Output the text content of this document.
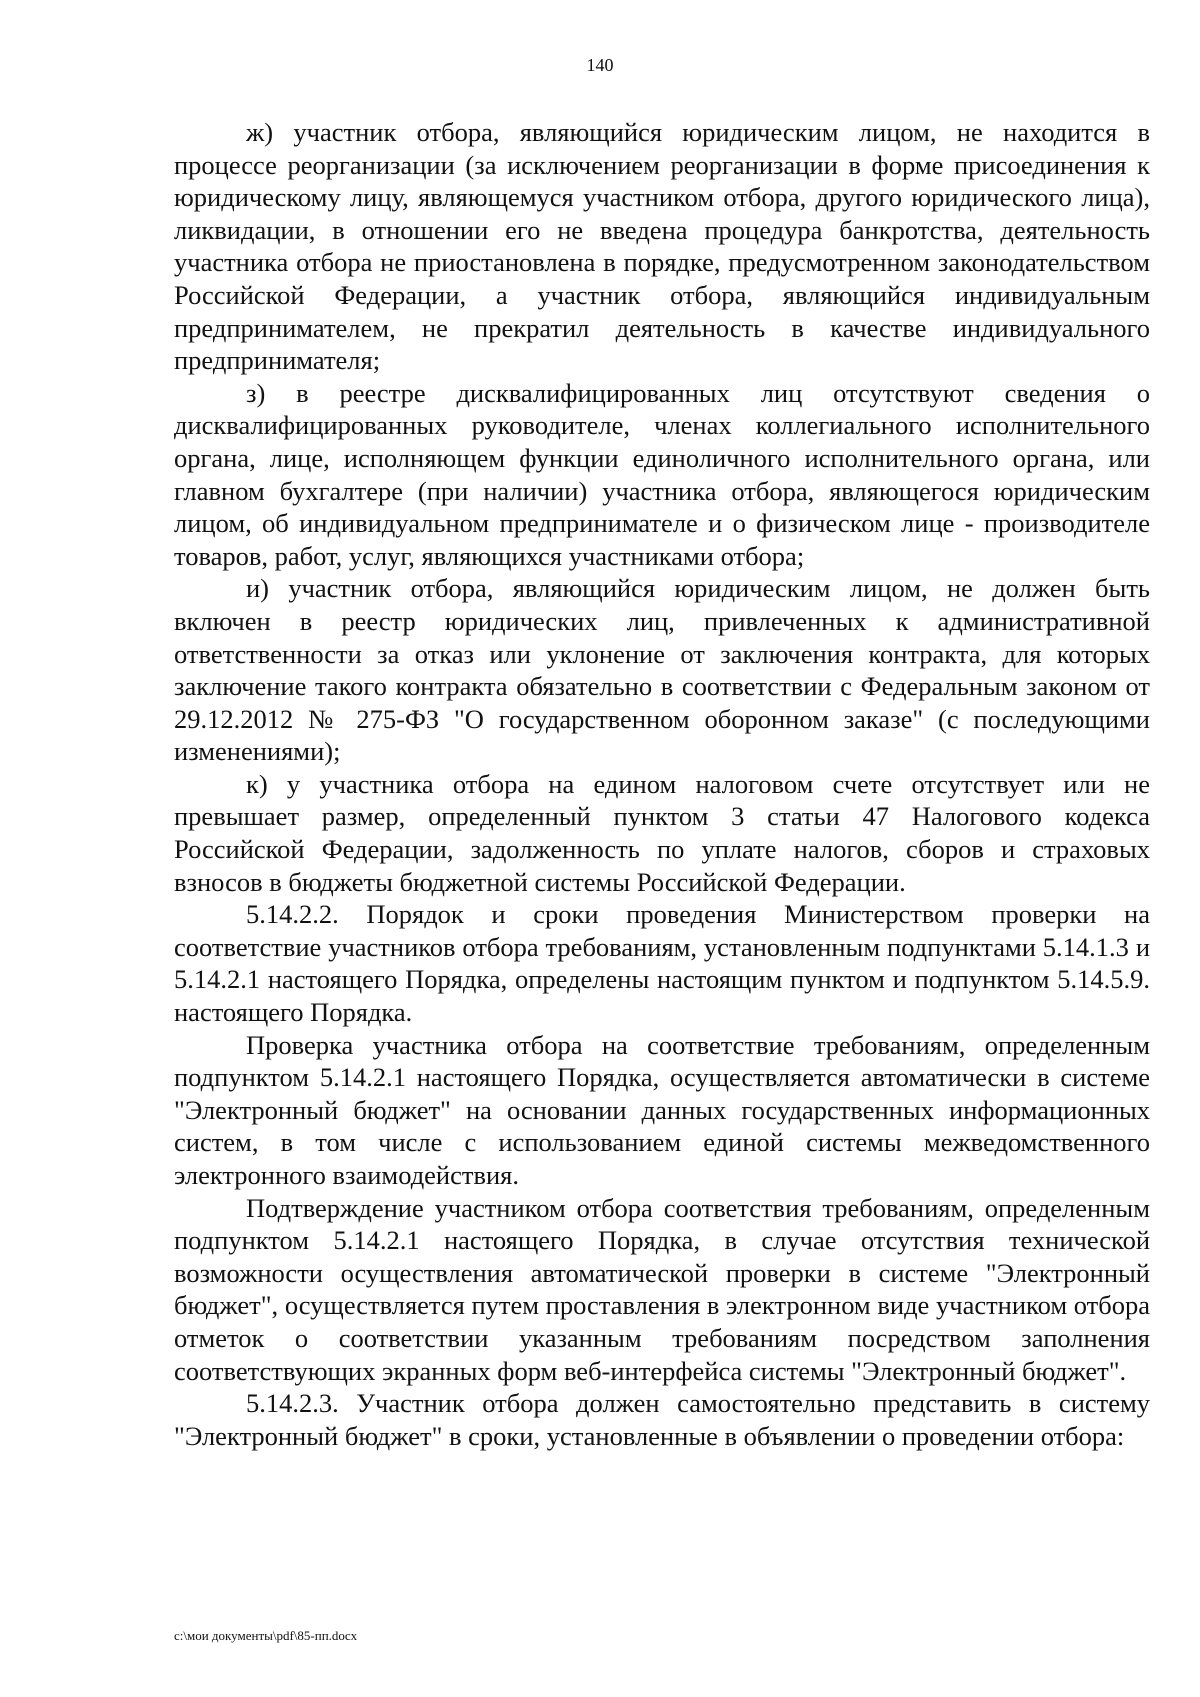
140

ж) участник отбора, являющийся юридическим лицом, не находится в процессе реорганизации (за исключением реорганизации в форме присоединения к юридическому лицу, являющемуся участником отбора, другого юридического лица), ликвидации, в отношении его не введена процедура банкротства, деятельность участника отбора не приостановлена в порядке, предусмотренном законодательством Российской Федерации, а участник отбора, являющийся индивидуальным предпринимателем, не прекратил деятельность в качестве индивидуального предпринимателя;

з) в реестре дисквалифицированных лиц отсутствуют сведения о дисквалифицированных руководителе, членах коллегиального исполнительного органа, лице, исполняющем функции единоличного исполнительного органа, или главном бухгалтере (при наличии) участника отбора, являющегося юридическим лицом, об индивидуальном предпринимателе и о физическом лице - производителе товаров, работ, услуг, являющихся участниками отбора;

и) участник отбора, являющийся юридическим лицом, не должен быть включен в реестр юридических лиц, привлеченных к административной ответственности за отказ или уклонение от заключения контракта, для которых заключение такого контракта обязательно в соответствии с Федеральным законом от 29.12.2012 № 275-ФЗ "О государственном оборонном заказе" (с последующими изменениями);

к) у участника отбора на едином налоговом счете отсутствует или не превышает размер, определенный пунктом 3 статьи 47 Налогового кодекса Российской Федерации, задолженность по уплате налогов, сборов и страховых взносов в бюджеты бюджетной системы Российской Федерации.

5.14.2.2. Порядок и сроки проведения Министерством проверки на соответствие участников отбора требованиям, установленным подпунктами 5.14.1.3 и 5.14.2.1 настоящего Порядка, определены настоящим пунктом и подпунктом 5.14.5.9. настоящего Порядка.

Проверка участника отбора на соответствие требованиям, определенным подпунктом 5.14.2.1 настоящего Порядка, осуществляется автоматически в системе "Электронный бюджет" на основании данных государственных информационных систем, в том числе с использованием единой системы межведомственного электронного взаимодействия.

Подтверждение участником отбора соответствия требованиям, определенным подпунктом 5.14.2.1 настоящего Порядка, в случае отсутствия технической возможности осуществления автоматической проверки в системе "Электронный бюджет", осуществляется путем проставления в электронном виде участником отбора отметок о соответствии указанным требованиям посредством заполнения соответствующих экранных форм веб-интерфейса системы "Электронный бюджет".

5.14.2.3. Участник отбора должен самостоятельно представить в систему "Электронный бюджет" в сроки, установленные в объявлении о проведении отбора:

c:\мои документы\pdf\85-пп.docx
